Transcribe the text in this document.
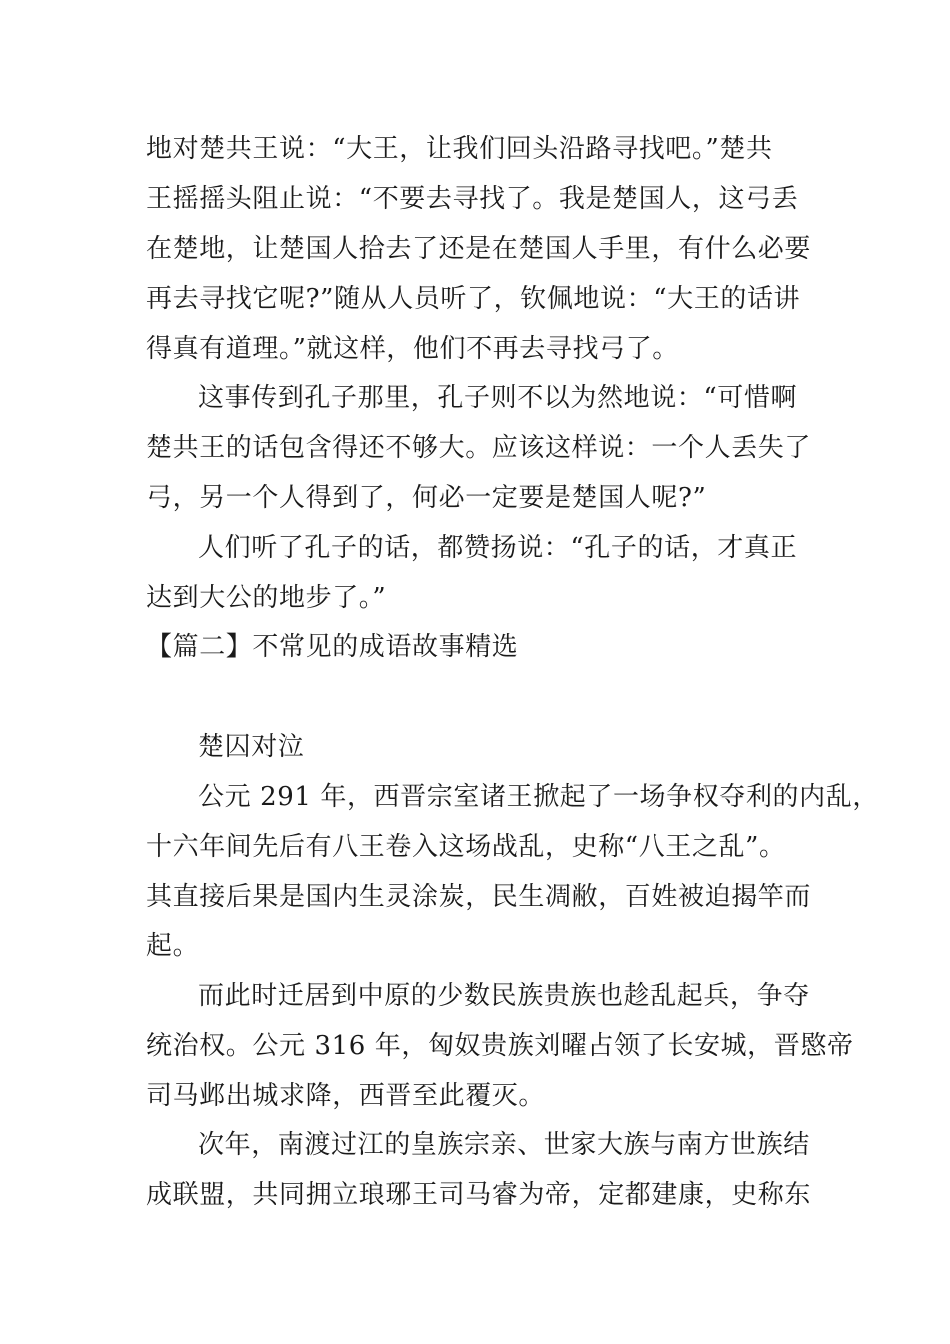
地对楚共王说：“大王，让我们回头沿路寻找吧。”楚共
王摇摇头阻止说：“不要去寻找了。我是楚国人，这弓丢
在楚地，让楚国人拾去了还是在楚国人手里，有什么必要
再去寻找它呢?”随从人员听了，钦佩地说：“大王的话讲
得真有道理。”就这样，他们不再去寻找弓了。
这事传到孔子那里，孔子则不以为然地说：“可惜啊
楚共王的话包含得还不够大。应该这样说：一个人丢失了
弓，另一个人得到了，何必一定要是楚国人呢?”
人们听了孔子的话，都赞扬说：“孔子的话，才真正
达到大公的地步了。”
【篇二】不常见的成语故事精选
楚囚对泣
公元 291 年，西晋宗室诸王掀起了一场争权夺利的内乱，
十六年间先后有八王卷入这场战乱，史称“八王之乱”。
其直接后果是国内生灵涂炭，民生凋敝，百姓被迫揭竿而
起。
而此时迁居到中原的少数民族贵族也趁乱起兵，争夺
统治权。公元 316 年，匈奴贵族刘曜占领了长安城，晋愍帝
司马邺出城求降，西晋至此覆灭。
次年，南渡过江的皇族宗亲、世家大族与南方世族结
成联盟，共同拥立琅琊王司马睿为帝，定都建康，史称东
